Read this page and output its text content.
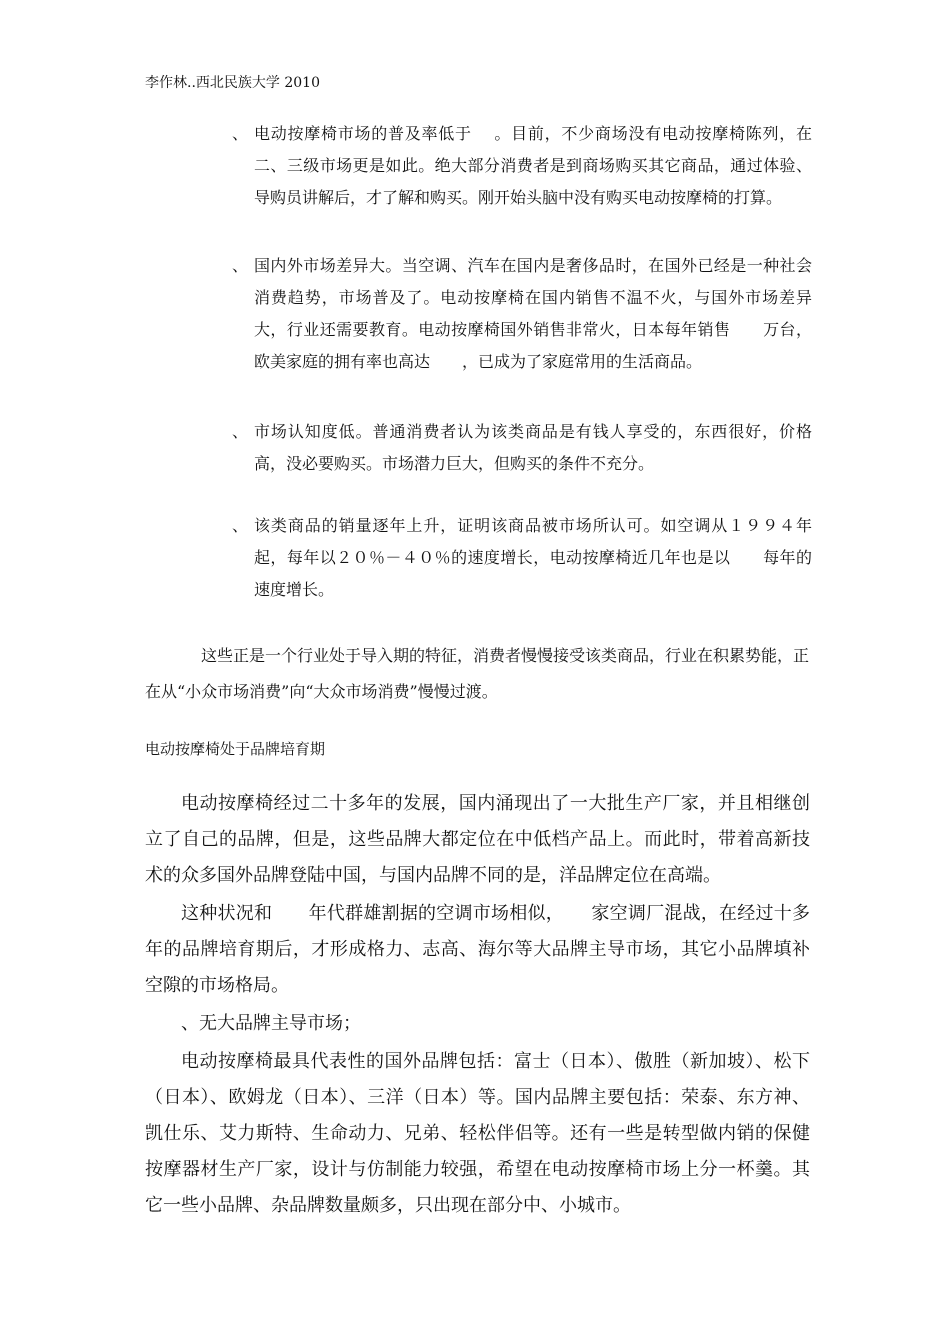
李作林..西北民族大学 2010
、 电动按摩椅市场的普及率低于　 。目前，不少商场没有电动按摩椅陈列，在二、三级市场更是如此。绝大部分消费者是到商场购买其它商品，通过体验、导购员讲解后，才了解和购买。刚开始头脑中没有购买电动按摩椅的打算。
、 国内外市场差异大。当空调、汽车在国内是奢侈品时，在国外已经是一种社会消费趋势，市场普及了。电动按摩椅在国内销售不温不火，与国外市场差异大，行业还需要教育。电动按摩椅国外销售非常火，日本每年销售　　万台，欧美家庭的拥有率也高达　　，已成为了家庭常用的生活商品。
、 市场认知度低。普通消费者认为该类商品是有钱人享受的，东西很好，价格高，没必要购买。市场潜力巨大，但购买的条件不充分。
、 该类商品的销量逐年上升，证明该商品被市场所认可。如空调从１９９４年起，每年以２０％－４０％的速度增长，电动按摩椅近几年也是以　　每年的速度增长。
这些正是一个行业处于导入期的特征，消费者慢慢接受该类商品，行业在积累势能，正在从“小众市场消费”向“大众市场消费”慢慢过渡。
电动按摩椅处于品牌培育期
电动按摩椅经过二十多年的发展，国内涌现出了一大批生产厂家，并且相继创立了自己的品牌，但是，这些品牌大都定位在中低档产品上。而此时，带着高新技术的众多国外品牌登陆中国，与国内品牌不同的是，洋品牌定位在高端。
这种状况和　　年代群雄割据的空调市场相似，　　家空调厂混战，在经过十多年的品牌培育期后，才形成格力、志高、海尔等大品牌主导市场，其它小品牌填补空隙的市场格局。
、无大品牌主导市场；
电动按摩椅最具代表性的国外品牌包括：富士（日本）、傲胜（新加坡）、松下（日本）、欧姆龙（日本）、三洋（日本）等。国内品牌主要包括：荣泰、东方神、凯仕乐、艾力斯特、生命动力、兄弟、轻松伴侣等。还有一些是转型做内销的保健按摩器材生产厂家，设计与仿制能力较强，希望在电动按摩椅市场上分一杯羹。其它一些小品牌、杂品牌数量颇多，只出现在部分中、小城市。
